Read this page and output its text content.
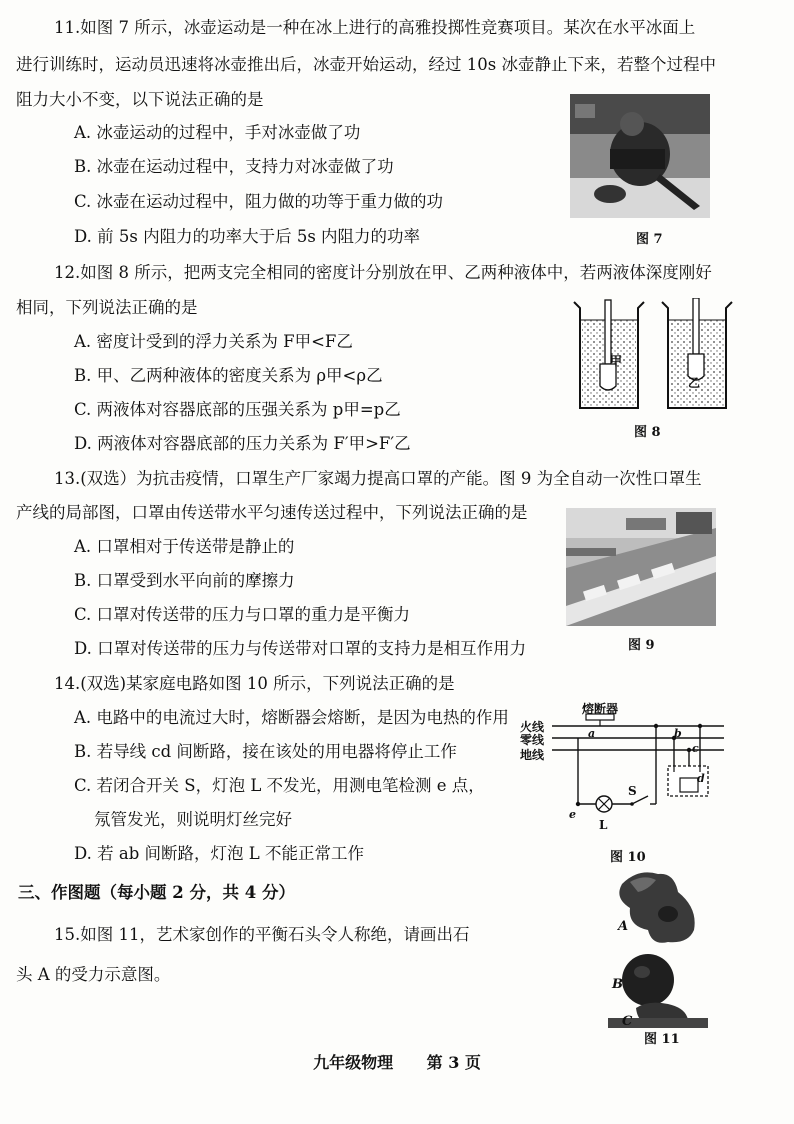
11.如图 7 所示，冰壶运动是一种在冰上进行的高雅投掷性竞赛项目。某次在水平冰面上
进行训练时，运动员迅速将冰壶推出后，冰壶开始运动，经过 10s 冰壶静止下来，若整个过程中
阻力大小不变，以下说法正确的是
A. 冰壶运动的过程中，手对冰壶做了功
B. 冰壶在运动过程中，支持力对冰壶做了功
C. 冰壶在运动过程中，阻力做的功等于重力做的功
D. 前 5s 内阻力的功率大于后 5s 内阻力的功率	图 7
12.如图 8 所示，把两支完全相同的密度计分别放在甲、乙两种液体中，若两液体深度刚好
相同，下列说法正确的是
A. 密度计受到的浮力关系为 F甲<F乙
B. 甲、乙两种液体的密度关系为 ρ甲<ρ乙
C. 两液体对容器底部的压强关系为 p甲=p乙
D. 两液体对容器底部的压力关系为 F′甲>F′乙
甲
乙
图 8
13.(双选）为抗击疫情，口罩生产厂家竭力提高口罩的产能。图 9 为全自动一次性口罩生
产线的局部图，口罩由传送带水平匀速传送过程中，下列说法正确的是
A. 口罩相对于传送带是静止的
B. 口罩受到水平向前的摩擦力
C. 口罩对传送带的压力与口罩的重力是平衡力
D. 口罩对传送带的压力与传送带对口罩的支持力是相互作用力	图 9
14.(双选)某家庭电路如图 10 所示，下列说法正确的是
A. 电路中的电流过大时，熔断器会熔断，是因为电热的作用
B. 若导线 cd 间断路，接在该处的用电器将停止工作
C. 若闭合开关 S，灯泡 L 不发光，用测电笔检测 e 点，
氖管发光，则说明灯丝完好
D. 若 ab 间断路，灯泡 L 不能正常工作
熔断器
火线
零线
地线
a	b
c
d
e
S
L
图 10
三、作图题（每小题 2 分，共 4 分）
15.如图 11，艺术家创作的平衡石头令人称绝，请画出石
头 A 的受力示意图。
A
B
C
图 11
九年级物理 第 3 页
